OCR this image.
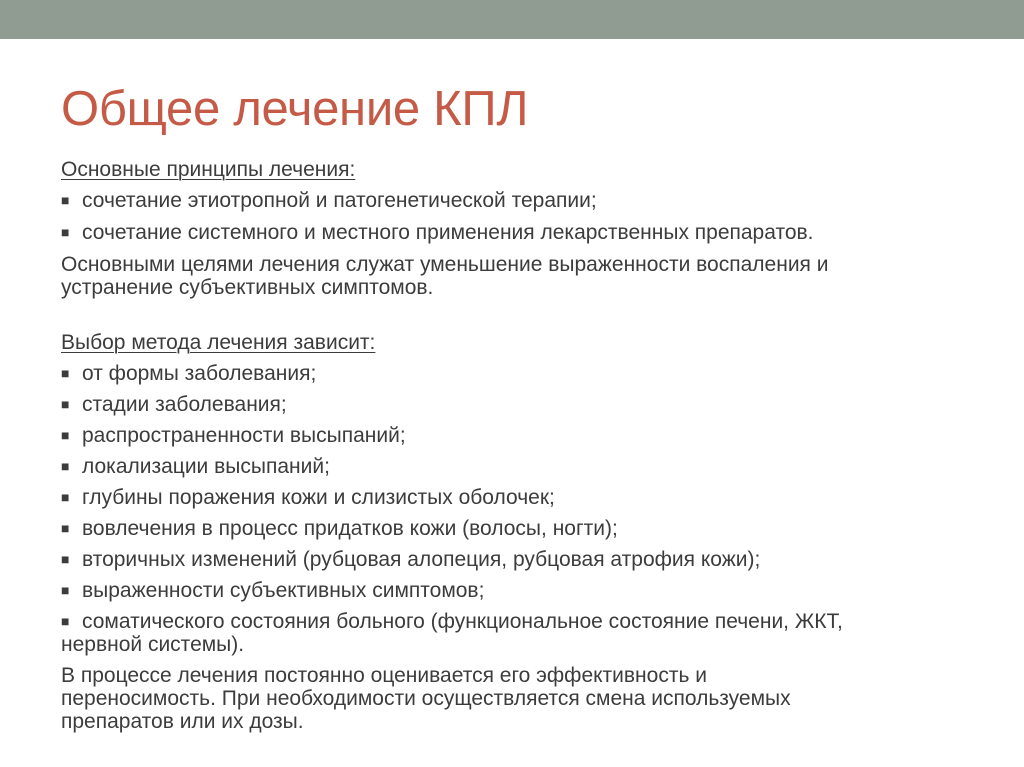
Общее лечение КПЛ
Основные принципы лечения:
■ сочетание этиотропной и патогенетической терапии;
■ сочетание системного и местного применения лекарственных препаратов.
Основными целями лечения служат уменьшение выраженности воспаления и
устранение субъективных симптомов.
Выбор метода лечения зависит:
■ от формы заболевания;
■ стадии заболевания;
■ распространенности высыпаний;
■ локализации высыпаний;
■ глубины поражения кожи и слизистых оболочек;
■ вовлечения в процесс придатков кожи (волосы, ногти);
■ вторичных изменений (рубцовая алопеция, рубцовая атрофия кожи);
■ выраженности субъективных симптомов;
■ соматического состояния больного (функциональное состояние печени, ЖКТ,
нервной системы).
В процессе лечения постоянно оценивается его эффективность и
переносимость. При необходимости осуществляется смена используемых
препаратов или их дозы.
